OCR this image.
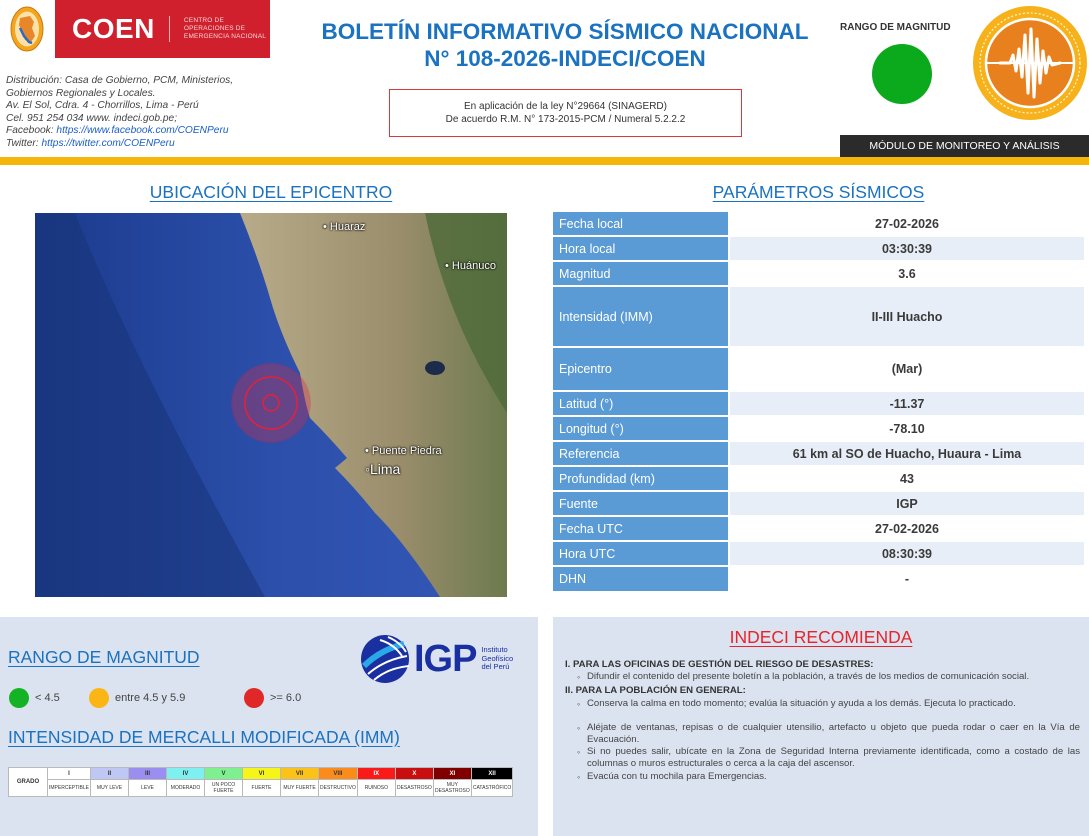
COEN	CENTRO DE
OPERACIONES DE
EMERGENCIA NACIONAL
Distribución: Casa de Gobierno, PCM, Ministerios,
Gobiernos Regionales y Locales.
Av. El Sol, Cdra. 4 - Chorrillos, Lima - Perú
Cel. 951 254 034 www. indeci.gob.pe;
Facebook: https://www.facebook.com/COENPeru
Twitter: https://twitter.com/COENPeru
BOLETÍN INFORMATIVO SÍSMICO NACIONAL
N° 108-2026-INDECI/COEN
En aplicación de la ley N°29664 (SINAGERD)
De acuerdo R.M. N° 173-2015-PCM / Numeral 5.2.2.2
RANGO DE MAGNITUD
MÓDULO DE MONITOREO Y ANÁLISIS
UBICACIÓN DEL EPICENTRO
• Huaraz
• Huánuco
• Puente Piedra
◦Lima
PARÁMETROS SÍSMICOS
Fecha local	27-02-2026
Hora local	03:30:39
Magnitud	3.6
Intensidad (IMM)	II-III Huacho
Epicentro	(Mar)
Latitud (°)	-11.37
Longitud (°)	-78.10
Referencia	61 km al SO de Huacho, Huaura - Lima
Profundidad (km)	43
Fuente	IGP
Fecha UTC	27-02-2026
Hora UTC	08:30:39
DHN	-
RANGO DE MAGNITUD	IGP Instituto
Geofísico
del Perú
< 4.5	entre 4.5 y 5.9	>= 6.0
INTENSIDAD DE MERCALLI MODIFICADA (IMM)
GRADO	I	II	III	IV	V	VI	VII	VIII	IX	X	XI	XII
	IMPERCEPTIBLE	MUY LEVE	LEVE	MODERADO	UN POCO FUERTE	FUERTE	MUY FUERTE	DESTRUCTIVO	RUINOSO	DESASTROSO	MUY DESASTROSO	CATASTRÓFICO
INDECI RECOMIENDA
I. PARA LAS OFICINAS DE GESTIÓN DEL RIESGO DE DESASTRES:
◦ Difundir el contenido del presente boletín a la población, a través de los medios de comunicación social.
II. PARA LA POBLACIÓN EN GENERAL:
◦ Conserva la calma en todo momento; evalúa la situación y ayuda a los demás. Ejecuta lo practicado.
◦ Aléjate de ventanas, repisas o de cualquier utensilio, artefacto u objeto que pueda rodar o caer en la Vía de Evacuación.
◦ Si no puedes salir, ubícate en la Zona de Seguridad Interna previamente identificada, como a costado de las columnas o muros estructurales o cerca a la caja del ascensor.
◦ Evacúa con tu mochila para Emergencias.
